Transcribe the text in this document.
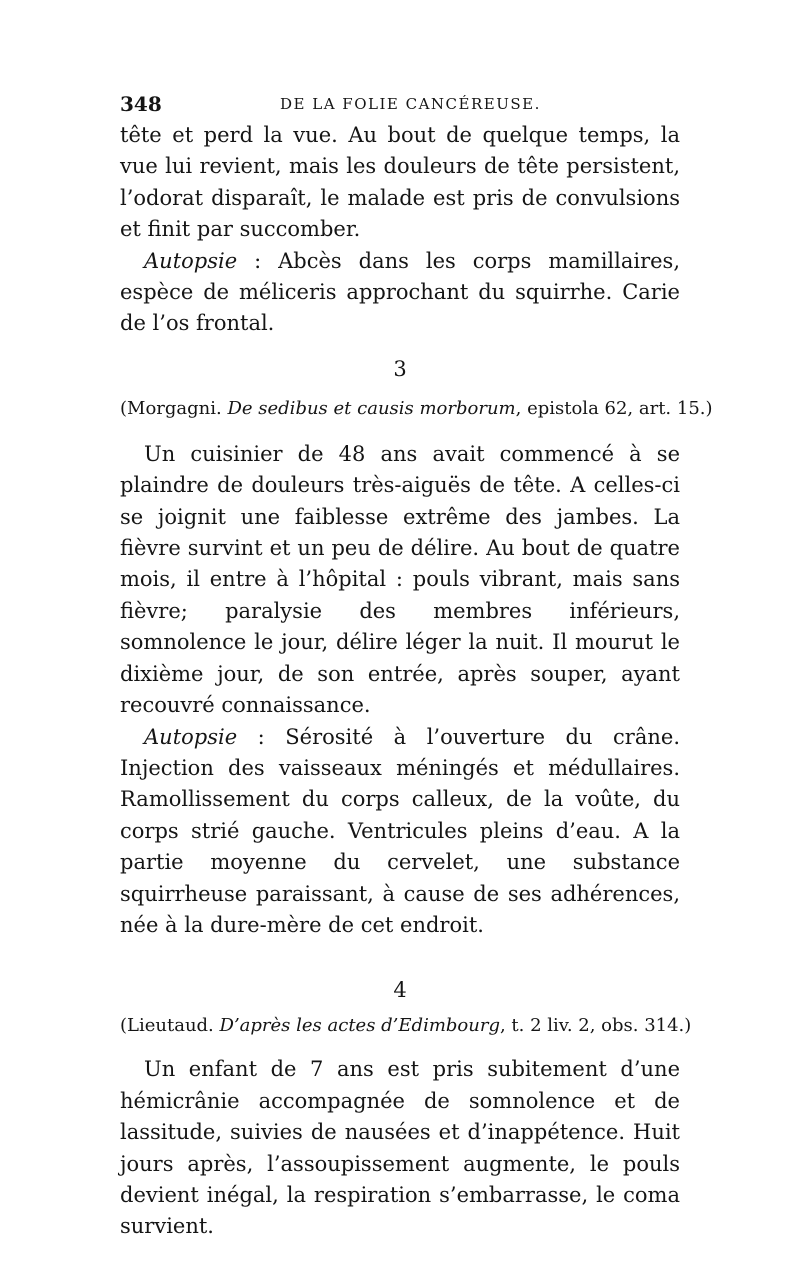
348	DE LA FOLIE CANCÉREUSE.

tête et perd la vue. Au bout de quelque temps, la vue lui revient, mais les douleurs de tête persistent, l’odorat disparaît, le malade est pris de convulsions et finit par succomber.

Autopsie : Abcès dans les corps mamillaires, espèce de méliceris approchant du squirrhe. Carie de l’os frontal.

3
(Morgagni. De sedibus et causis morborum, epistola 62, art. 15.)

Un cuisinier de 48 ans avait commencé à se plaindre de douleurs très-aiguës de tête. A celles-ci se joignit une faiblesse extrême des jambes. La fièvre survint et un peu de délire. Au bout de quatre mois, il entre à l’hôpital : pouls vibrant, mais sans fièvre; paralysie des membres inférieurs, somnolence le jour, délire léger la nuit. Il mourut le dixième jour, de son entrée, après souper, ayant recouvré connaissance.

Autopsie : Sérosité à l’ouverture du crâne. Injection des vaisseaux méningés et médullaires. Ramollissement du corps calleux, de la voûte, du corps strié gauche. Ventricules pleins d’eau. A la partie moyenne du cervelet, une substance squirrheuse paraissant, à cause de ses adhérences, née à la dure-mère de cet endroit.

4
(Lieutaud. D’après les actes d’Edimbourg, t. 2 liv. 2, obs. 314.)

Un enfant de 7 ans est pris subitement d’une hémicrânie accompagnée de somnolence et de lassitude, suivies de nausées et d’inappétence. Huit jours après, l’assoupissement augmente, le pouls devient inégal, la respiration s’embarrasse, le coma survient.
